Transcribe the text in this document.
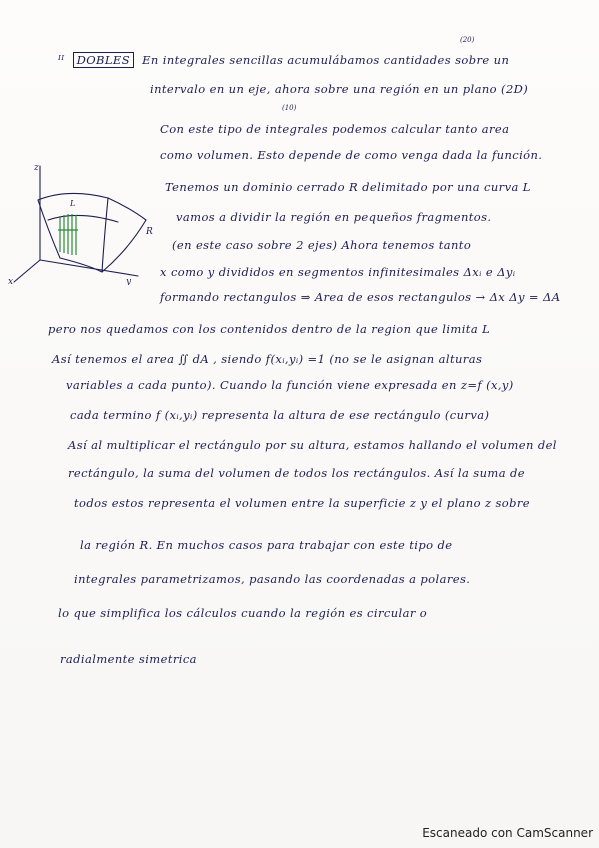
ᴵᴵ DOBLES En integrales sencillas acumulábamos cantidades sobre un
(20)
intervalo en un eje, ahora sobre una región en un plano (2D)
(10)
Con este tipo de integrales podemos calcular tanto area
como volumen. Esto depende de como venga dada la función.
Tenemos un dominio cerrado R delimitado por una curva L
vamos a dividir la región en pequeños fragmentos.
(en este caso sobre 2 ejes) Ahora tenemos tanto
x como y divididos en segmentos infinitesimales Δxᵢ e Δyᵢ
formando rectangulos ⇒ Area de esos rectangulos → Δx Δy = ΔA
pero nos quedamos con los contenidos dentro de la region que limita L
Así tenemos el area ∬ dA , siendo f(xᵢ,yᵢ) =1 (no se le asignan alturas
variables a cada punto). Cuando la función viene expresada en z=f (x,y)
cada termino f (xᵢ,yᵢ) representa la altura de ese rectángulo (curva)
Así al multiplicar el rectángulo por su altura, estamos hallando el volumen del
rectángulo, la suma del volumen de todos los rectángulos. Así la suma de
todos estos representa el volumen entre la superficie z y el plano z sobre
la región R. En muchos casos para trabajar con este tipo de
integrales parametrizamos, pasando las coordenadas a polares.
lo que simplifica los cálculos cuando la región es circular o
radialmente simetrica
z
x	y
R
L
Escaneado con CamScanner
